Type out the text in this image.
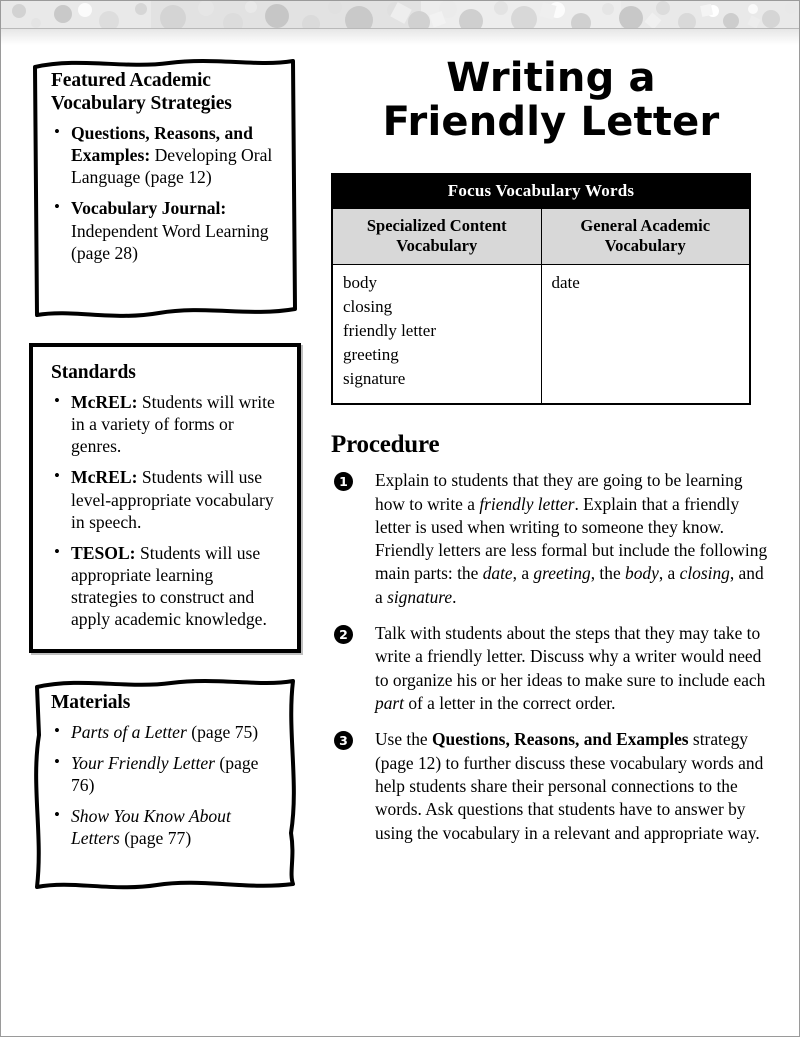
Featured Academic
Vocabulary Strategies
• Questions, Reasons, and Examples: Developing Oral Language (page 12)
• Vocabulary Journal: Independent Word Learning (page 28)
Standards
• McREL: Students will write in a variety of forms or genres.
• McREL: Students will use level-appropriate vocabulary in speech.
• TESOL: Students will use appropriate learning strategies to construct and apply academic knowledge.
Materials
• Parts of a Letter (page 75)
• Your Friendly Letter (page 76)
• Show You Know About Letters (page 77)
Writing a
Friendly Letter
Focus Vocabulary Words	
Specialized Content
Vocabulary	General Academic
Vocabulary

body
closing
friendly letter
greeting
signature	date
Procedure
1 Explain to students that they are going to be learning how to write a friendly letter. Explain that a friendly letter is used when writing to someone they know. Friendly letters are less formal but include the following main parts: the date, a greeting, the body, a closing, and a signature.
2 Talk with students about the steps that they may take to write a friendly letter. Discuss why a writer would need to organize his or her ideas to make sure to include each part of a letter in the correct order.
3 Use the Questions, Reasons, and Examples strategy (page 12) to further discuss these vocabulary words and help students share their personal connections to the words. Ask questions that students have to answer by using the vocabulary in a relevant and appropriate way.
